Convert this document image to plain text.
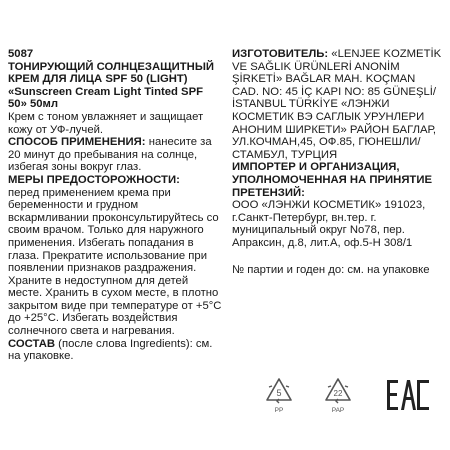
5087

ТОНИРУЮЩИЙ СОЛНЦЕЗАЩИТНЫЙ КРЕМ ДЛЯ ЛИЦА SPF 50 (LIGHT) «Sunscreen Cream Light Tinted SPF 50» 50мл

Крем с тоном увлажняет и защищает кожу от УФ-лучей.

СПОСОБ ПРИМЕНЕНИЯ: нанесите за 20 минут до пребывания на солнце, избегая зоны вокруг глаз.

МЕРЫ ПРЕДОСТОРОЖНОСТИ:

перед применением крема при беременности и грудном вскармливании проконсультируйтесь со своим врачом. Только для наружного применения. Избегать попадания в глаза. Прекратите использование при появлении признаков раздражения. Храните в недоступном для детей месте. Хранить в сухом месте, в плотно закрытом виде при температуре от +5°С до +25°С. Избегать воздействия солнечного света и нагревания.

СОСТАВ (после слова Ingredients): см. на упаковке.

ИЗГОТОВИТЕЛЬ: «LENJEE KOZMETİK VE SAĞLIK ÜRÜNLERİ ANONİM ŞİRKETİ» BAĞLAR MAH. KOÇMAN CAD. NO: 45 İÇ KAPI NO: 85 GÜNEŞLİ/İSTANBUL TÜRKİYE «ЛЭНЖИ КОСМЕТИК ВЭ САГЛЫК УРУНЛЕРИ АНОНИМ ШИРКЕТИ» РАЙОН БАГЛАР, УЛ.КОЧМАН,45, ОФ.85, ГЮНЕШЛИ/СТАМБУЛ, ТУРЦИЯ

ИМПОРТЕР И ОРГАНИЗАЦИЯ, УПОЛНОМОЧЕННАЯ НА ПРИНЯТИЕ ПРЕТЕНЗИЙ:

ООО «ЛЭНЖИ КОСМЕТИК» 191023, г.Санкт-Петербург, вн.тер. г. муниципальный округ No78, пер. Апраксин, д.8, лит.А, оф.5-Н 308/1

№ партии и годен до: см. на упаковке

5
PP
22
PAP
